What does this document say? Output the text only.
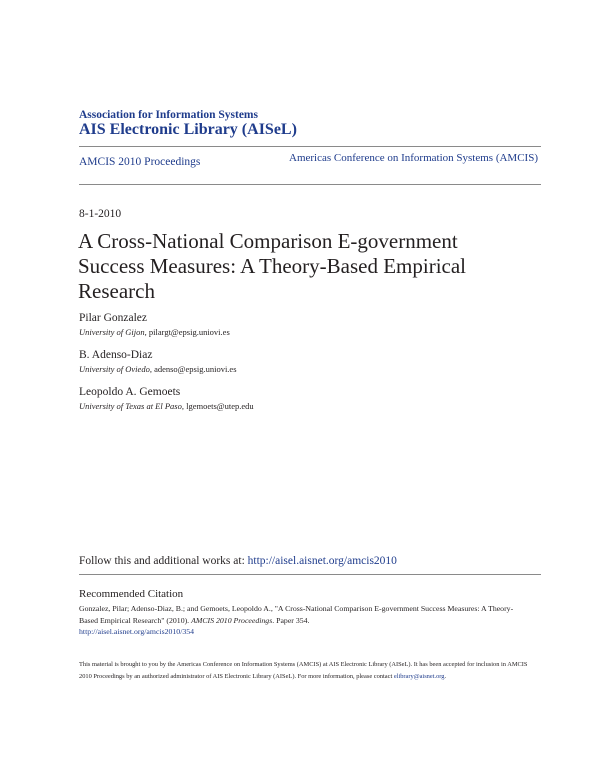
Association for Information Systems
AIS Electronic Library (AISeL)
AMCIS 2010 Proceedings	Americas Conference on Information Systems (AMCIS)
8-1-2010
A Cross-National Comparison E-government Success Measures: A Theory-Based Empirical Research
Pilar Gonzalez
University of Gijon, pilargt@epsig.uniovi.es
B. Adenso-Diaz
University of Oviedo, adenso@epsig.uniovi.es
Leopoldo A. Gemoets
University of Texas at El Paso, lgemoets@utep.edu
Follow this and additional works at: http://aisel.aisnet.org/amcis2010
Recommended Citation
Gonzalez, Pilar; Adenso-Diaz, B.; and Gemoets, Leopoldo A., "A Cross-National Comparison E-government Success Measures: A Theory-Based Empirical Research" (2010). AMCIS 2010 Proceedings. Paper 354.
http://aisel.aisnet.org/amcis2010/354
This material is brought to you by the Americas Conference on Information Systems (AMCIS) at AIS Electronic Library (AISeL). It has been accepted for inclusion in AMCIS 2010 Proceedings by an authorized administrator of AIS Electronic Library (AISeL). For more information, please contact elibrary@aisnet.org.
